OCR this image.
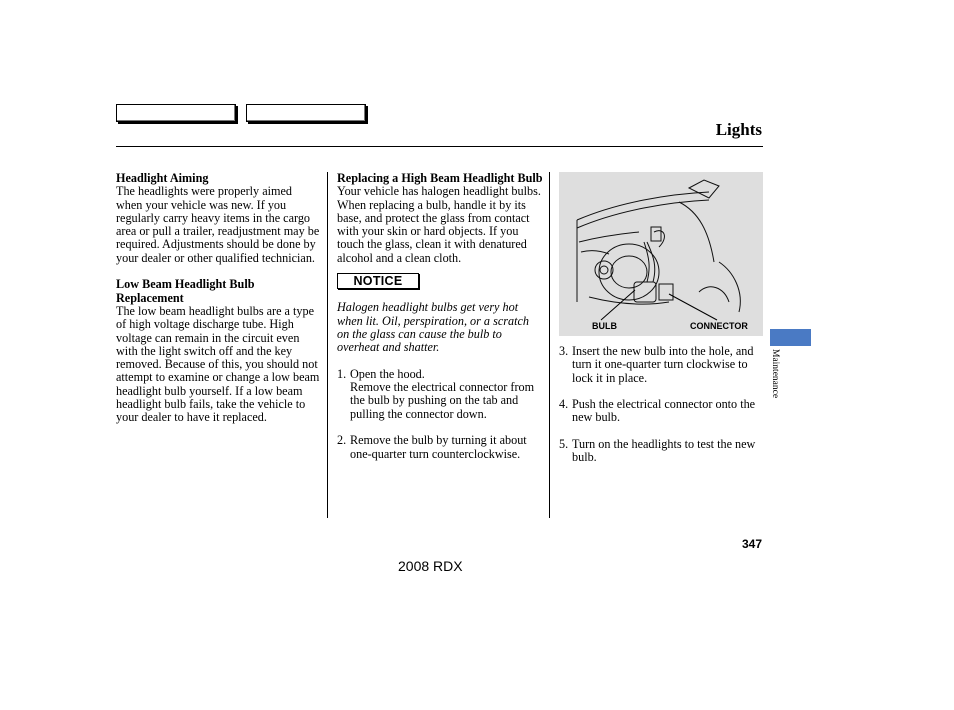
Lights
Headlight Aiming

The headlights were properly aimed when your vehicle was new. If you regularly carry heavy items in the cargo area or pull a trailer, readjustment may be required. Adjustments should be done by your dealer or other qualified technician.

Low Beam Headlight Bulb Replacement

The low beam headlight bulbs are a type of high voltage discharge tube. High voltage can remain in the circuit even with the light switch off and the key removed. Because of this, you should not attempt to examine or change a low beam headlight bulb yourself. If a low beam headlight bulb fails, take the vehicle to your dealer to have it replaced.

Replacing a High Beam Headlight Bulb

Your vehicle has halogen headlight bulbs. When replacing a bulb, handle it by its base, and protect the glass from contact with your skin or hard objects. If you touch the glass, clean it with denatured alcohol and a clean cloth.

NOTICE

Halogen headlight bulbs get very hot when lit. Oil, perspiration, or a scratch on the glass can cause the bulb to overheat and shatter.

1. Open the hood.
Remove the electrical connector from the bulb by pushing on the tab and pulling the connector down.
2. Remove the bulb by turning it about one-quarter turn counterclockwise.
BULB	CONNECTOR
3. Insert the new bulb into the hole, and turn it one-quarter turn clockwise to lock it in place.
4. Push the electrical connector onto the new bulb.
5. Turn on the headlights to test the new bulb.
Maintenance
347
2008 RDX
